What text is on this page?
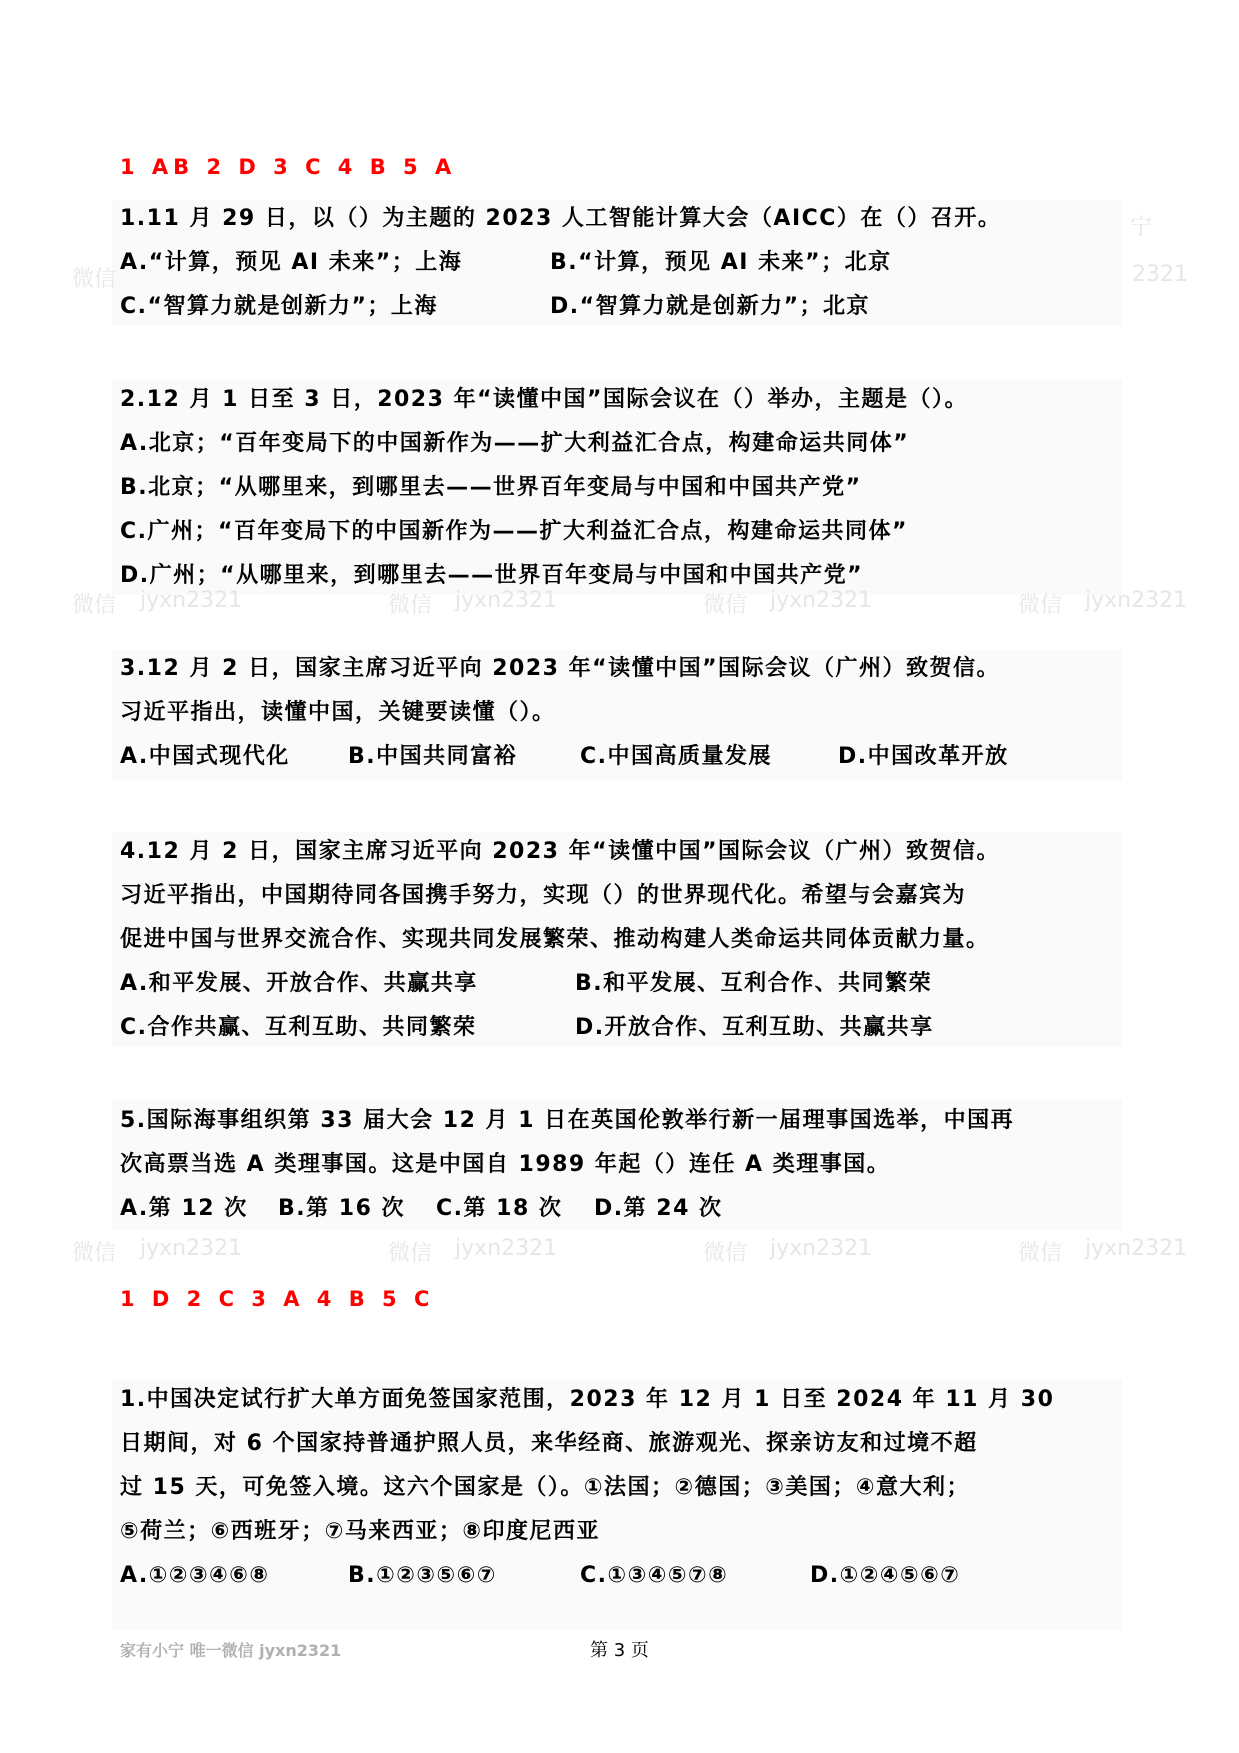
微信	2321
宁
微信 jyxn2321	微信 jyxn2321	微信 jyxn2321	微信 jyxn2321
微信 jyxn2321	微信 jyxn2321	微信 jyxn2321	微信 jyxn2321
1 AB 2 D 3 C 4 B 5 A
1.11 月 29 日，以（）为主题的 2023 人工智能计算大会（AICC）在（）召开。
A.“计算，预见 AI 未来”；上海	B.“计算，预见 AI 未来”；北京
C.“智算力就是创新力”；上海	D.“智算力就是创新力”；北京
2.12 月 1 日至 3 日，2023 年“读懂中国”国际会议在（）举办，主题是（）。
A.北京；“百年变局下的中国新作为——扩大利益汇合点，构建命运共同体”
B.北京；“从哪里来，到哪里去——世界百年变局与中国和中国共产党”
C.广州；“百年变局下的中国新作为——扩大利益汇合点，构建命运共同体”
D.广州；“从哪里来，到哪里去——世界百年变局与中国和中国共产党”
3.12 月 2 日，国家主席习近平向 2023 年“读懂中国”国际会议（广州）致贺信。
习近平指出，读懂中国，关键要读懂（）。
A.中国式现代化	B.中国共同富裕	C.中国高质量发展	D.中国改革开放
4.12 月 2 日，国家主席习近平向 2023 年“读懂中国”国际会议（广州）致贺信。
习近平指出，中国期待同各国携手努力，实现（）的世界现代化。希望与会嘉宾为
促进中国与世界交流合作、实现共同发展繁荣、推动构建人类命运共同体贡献力量。
A.和平发展、开放合作、共赢共享	B.和平发展、互利合作、共同繁荣
C.合作共赢、互利互助、共同繁荣	D.开放合作、互利互助、共赢共享
5.国际海事组织第 33 届大会 12 月 1 日在英国伦敦举行新一届理事国选举，中国再
次高票当选 A 类理事国。这是中国自 1989 年起（）连任 A 类理事国。
A.第 12 次 B.第 16 次 C.第 18 次 D.第 24 次
1 D 2 C 3 A 4 B 5 C
1.中国决定试行扩大单方面免签国家范围，2023 年 12 月 1 日至 2024 年 11 月 30
日期间，对 6 个国家持普通护照人员，来华经商、旅游观光、探亲访友和过境不超
过 15 天，可免签入境。这六个国家是（）。①法国；②德国；③美国；④意大利；
⑤荷兰；⑥西班牙；⑦马来西亚；⑧印度尼西亚
A.①②③④⑥⑧	B.①②③⑤⑥⑦	C.①③④⑤⑦⑧	D.①②④⑤⑥⑦
家有小宁 唯一微信 jyxn2321	第 3 页
